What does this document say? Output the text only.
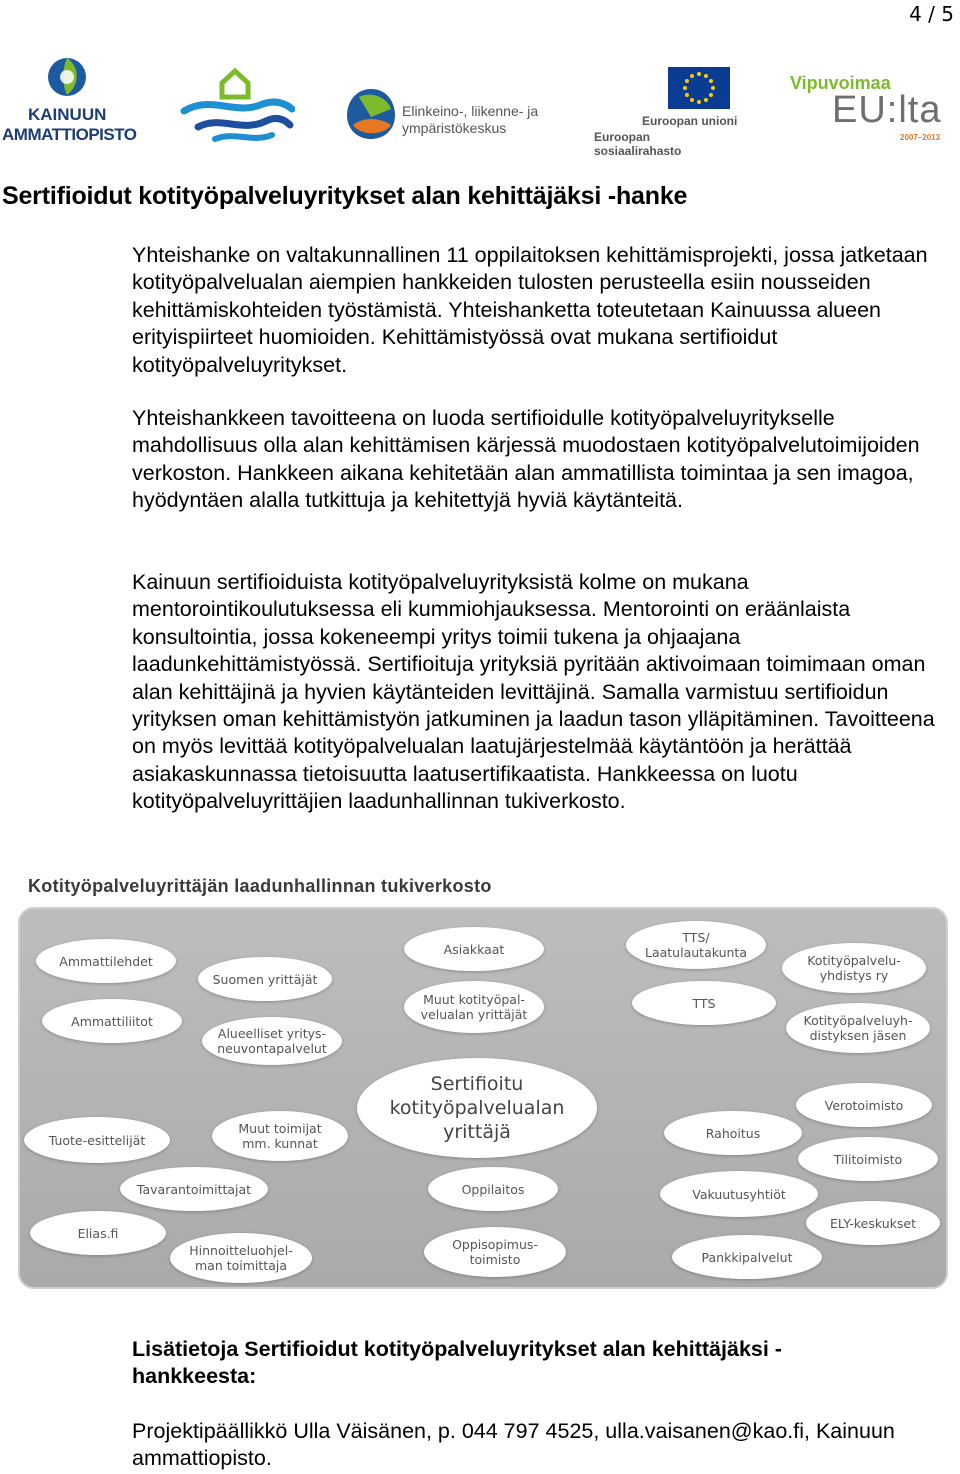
4 / 5
KAINUUN
AMMATTIOPISTO
Elinkeino-, liikenne- ja
ympäristökeskus	Euroopan unioni
Euroopan sosiaalirahasto
Vipuvoimaa
EU:lta
2007–2013
Sertifioidut kotityöpalveluyritykset alan kehittäjäksi -hanke

Yhteishanke on valtakunnallinen 11 oppilaitoksen kehittämisprojekti, jossa jatketaan kotityöpalvelualan aiempien hankkeiden tulosten perusteella esiin nousseiden kehittämiskohteiden työstämistä. Yhteishanketta toteutetaan Kainuussa alueen erityispiirteet huomioiden. Kehittämistyössä ovat mukana sertifioidut kotityöpalveluyritykset.

Yhteishankkeen tavoitteena on luoda sertifioidulle kotityöpalveluyritykselle mahdollisuus olla alan kehittämisen kärjessä muodostaen kotityöpalvelutoimijoiden verkoston. Hankkeen aikana kehitetään alan ammatillista toimintaa ja sen imagoa, hyödyntäen alalla tutkittuja ja kehitettyjä hyviä käytänteitä.

Kainuun sertifioiduista kotityöpalveluyrityksistä kolme on mukana mentorointikoulutuksessa eli kummiohjauksessa. Mentorointi on eräänlaista konsultointia, jossa kokeneempi yritys toimii tukena ja ohjaajana laadunkehittämistyössä. Sertifioituja yrityksiä pyritään aktivoimaan toimimaan oman alan kehittäjinä ja hyvien käytänteiden levittäjinä. Samalla varmistuu sertifioidun yrityksen oman kehittämistyön jatkuminen ja laadun tason ylläpitäminen. Tavoitteena on myös levittää kotityöpalvelualan laatujärjestelmää käytäntöön ja herättää asiakaskunnassa tietoisuutta laatusertifikaatista. Hankkeessa on luotu kotityöpalveluyrittäjien laadunhallinnan tukiverkosto.

Kotityöpalveluyrittäjän laadunhallinnan tukiverkosto
Sertifioitu
kotityöpalvelualan
yrittäjä
Ammattilehdet
Ammattiliitot
Suomen yrittäjät
Alueelliset yritys-
neuvontapalvelut
Tuote-esittelijät
Muut toimijat
mm. kunnat
Tavarantoimittajat
Elias.fi
Hinnoitteluohjel-
man toimittaja
Asiakkaat
Muut kotityöpal-
velualan yrittäjät
Oppilaitos
Oppisopimus-
toimisto
TTS/
Laatulautakunta
TTS
Rahoitus
Vakuutusyhtiöt
Pankkipalvelut
Kotityöpalvelu-
yhdistys ry
Kotityöpalveluyh-
distyksen jäsen
Verotoimisto
Tilitoimisto
ELY-keskukset
Lisätietoja Sertifioidut kotityöpalveluyritykset alan kehittäjäksi - hankkeesta:

Projektipäällikkö Ulla Väisänen, p. 044 797 4525, ulla.vaisanen@kao.fi, Kainuun ammattiopisto.
